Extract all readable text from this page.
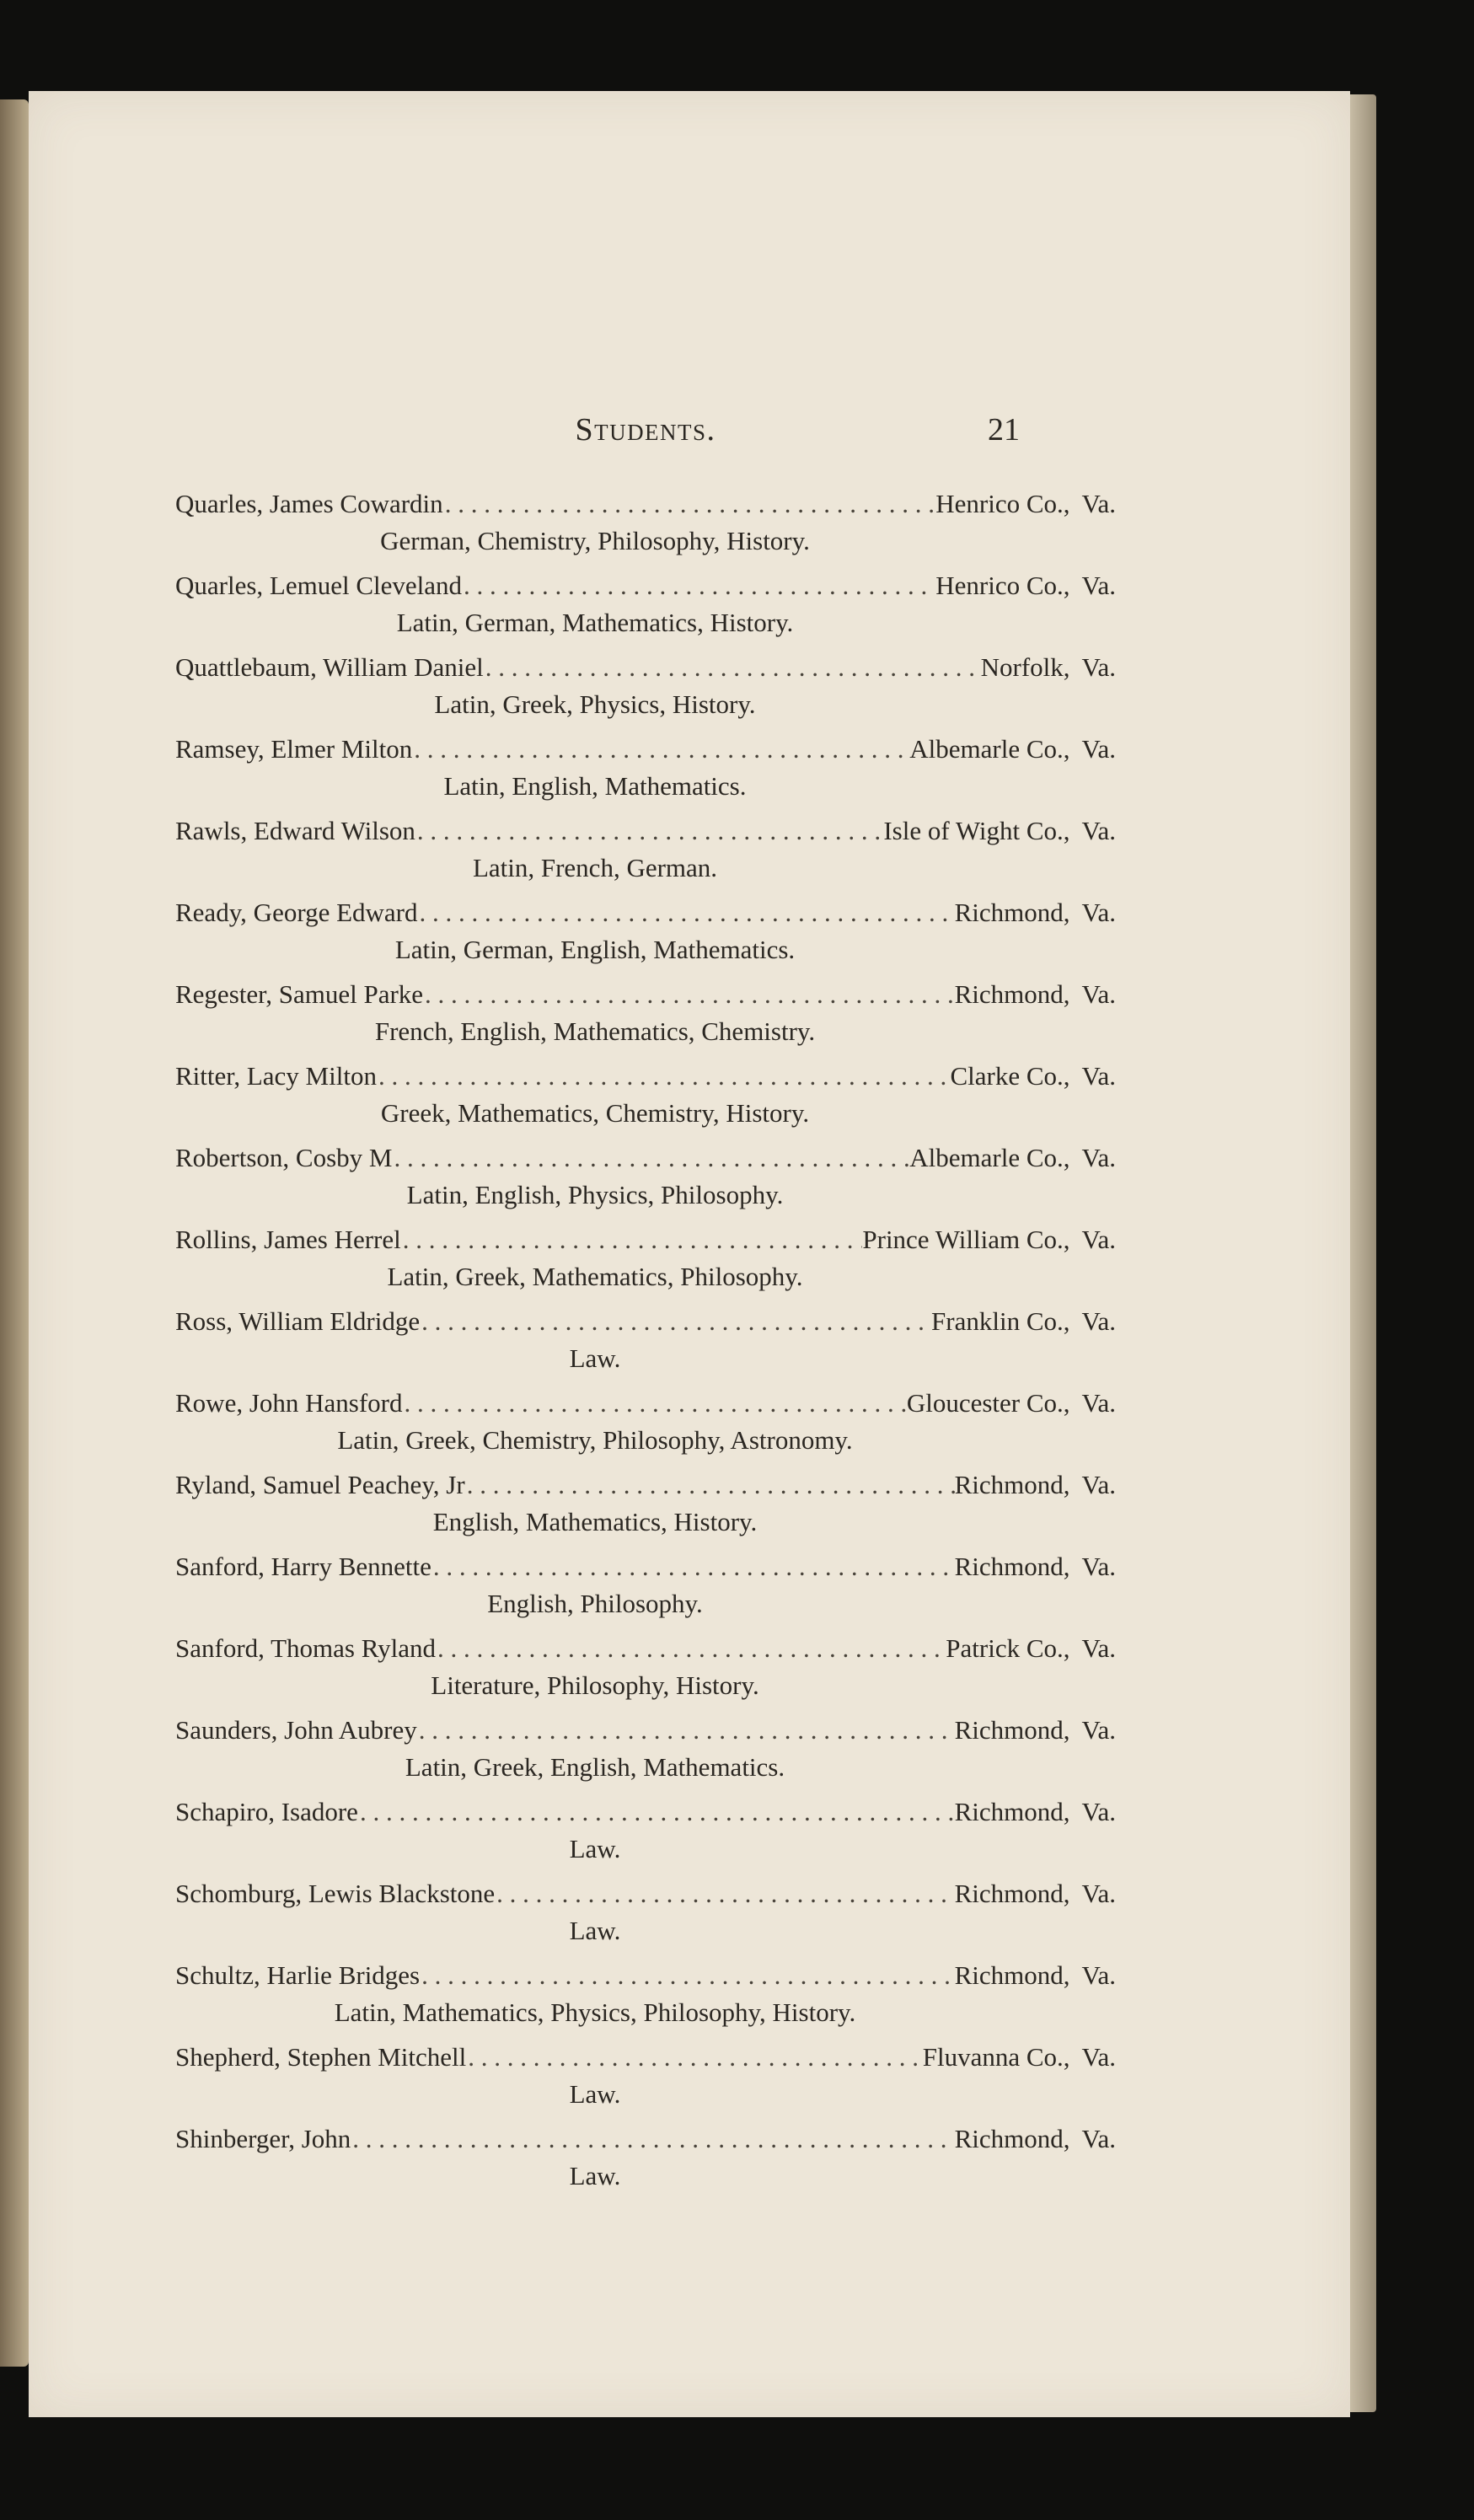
Students.	21
Quarles, James Cowardin . . .	Henrico Co., Va.
German, Chemistry, Philosophy, History.
Quarles, Lemuel Cleveland . . .	Henrico Co., Va.
Latin, German, Mathematics, History.
Quattlebaum, William Daniel . . .	Norfolk, Va.
Latin, Greek, Physics, History.
Ramsey, Elmer Milton . . .	Albemarle Co., Va.
Latin, English, Mathematics.
Rawls, Edward Wilson . . .	Isle of Wight Co., Va.
Latin, French, German.
Ready, George Edward . . .	Richmond, Va.
Latin, German, English, Mathematics.
Regester, Samuel Parke . . .	Richmond, Va.
French, English, Mathematics, Chemistry.
Ritter, Lacy Milton . . .	Clarke Co., Va.
Greek, Mathematics, Chemistry, History.
Robertson, Cosby M . . .	Albemarle Co., Va.
Latin, English, Physics, Philosophy.
Rollins, James Herrel . . .	Prince William Co., Va.
Latin, Greek, Mathematics, Philosophy.
Ross, William Eldridge . . .	Franklin Co., Va.
Law.
Rowe, John Hansford . . .	Gloucester Co., Va.
Latin, Greek, Chemistry, Philosophy, Astronomy.
Ryland, Samuel Peachey, Jr . . .	Richmond, Va.
English, Mathematics, History.
Sanford, Harry Bennette . . .	Richmond, Va.
English, Philosophy.
Sanford, Thomas Ryland . . .	Patrick Co., Va.
Literature, Philosophy, History.
Saunders, John Aubrey . . .	Richmond, Va.
Latin, Greek, English, Mathematics.
Schapiro, Isadore . . .	Richmond, Va.
Law.
Schomburg, Lewis Blackstone . . .	Richmond, Va.
Law.
Schultz, Harlie Bridges . . .	Richmond, Va.
Latin, Mathematics, Physics, Philosophy, History.
Shepherd, Stephen Mitchell . . .	Fluvanna Co., Va.
Law.
Shinberger, John . . .	Richmond, Va.
Law.
